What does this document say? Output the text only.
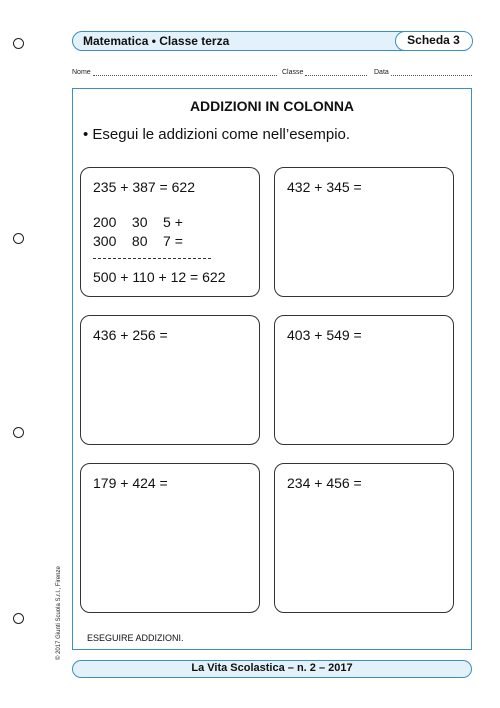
Matematica • Classe terza	Scheda 3
Nome	Classe	Data
ADDIZIONI IN COLONNA
• Esegui le addizioni come nell’esempio.
235 + 387 = 622
200    30    5 +
300    80    7 =
500 + 110 + 12 = 622
432 + 345 =
436 + 256 =	403 + 549 =
179 + 424 =	234 + 456 =
ESEGUIRE ADDIZIONI.
© 2017 Giunti Scuola S.r.l., Firenze
La Vita Scolastica – n. 2 – 2017
